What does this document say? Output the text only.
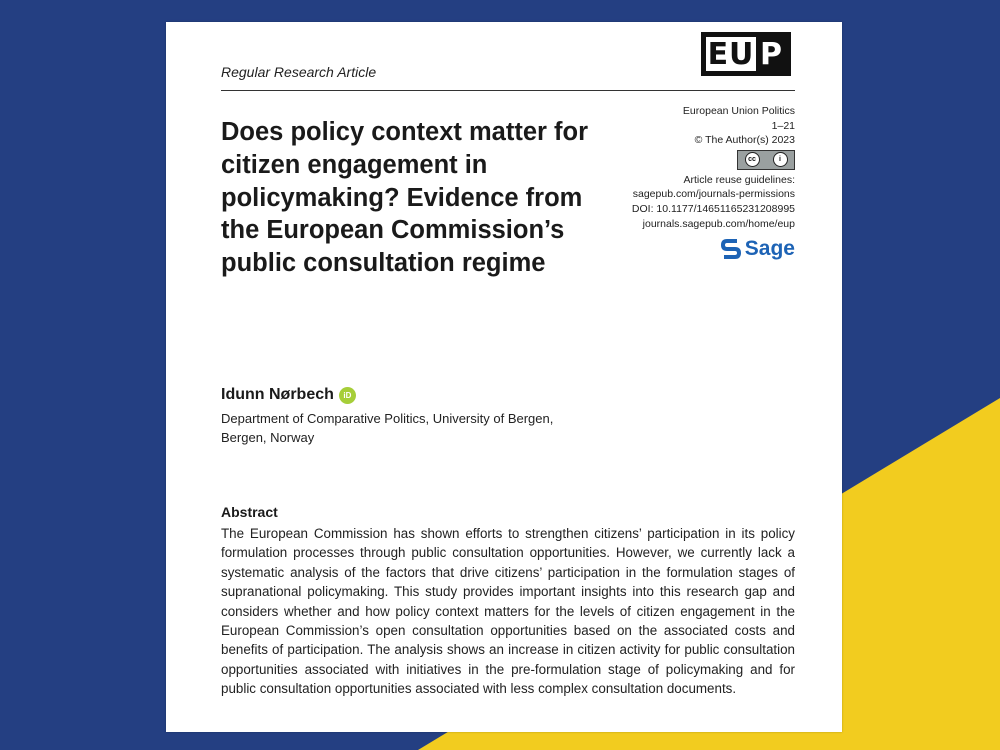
Regular Research Article
EU P
European Union Politics
1–21
© The Author(s) 2023
cc	i
Article reuse guidelines:
sagepub.com/journals-permissions
DOI: 10.1177/14651165231208995
journals.sagepub.com/home/eup
Sage
Does policy context matter for citizen engagement in policymaking? Evidence from the European Commission’s public consultation regime
Idunn Nørbech	iD
Department of Comparative Politics, University of Bergen, Bergen, Norway
Abstract

The European Commission has shown efforts to strengthen citizens’ participation in its policy formulation processes through public consultation opportunities. However, we currently lack a systematic analysis of the factors that drive citizens’ participation in the formulation stages of supranational policymaking. This study provides important insights into this research gap and considers whether and how policy context matters for the levels of citizen engagement in the European Commission’s open consultation opportunities based on the associated costs and benefits of participation. The analysis shows an increase in citizen activity for public consultation opportunities associated with initiatives in the pre-formulation stage of policymaking and for public consultation opportunities associated with less complex consultation documents.
